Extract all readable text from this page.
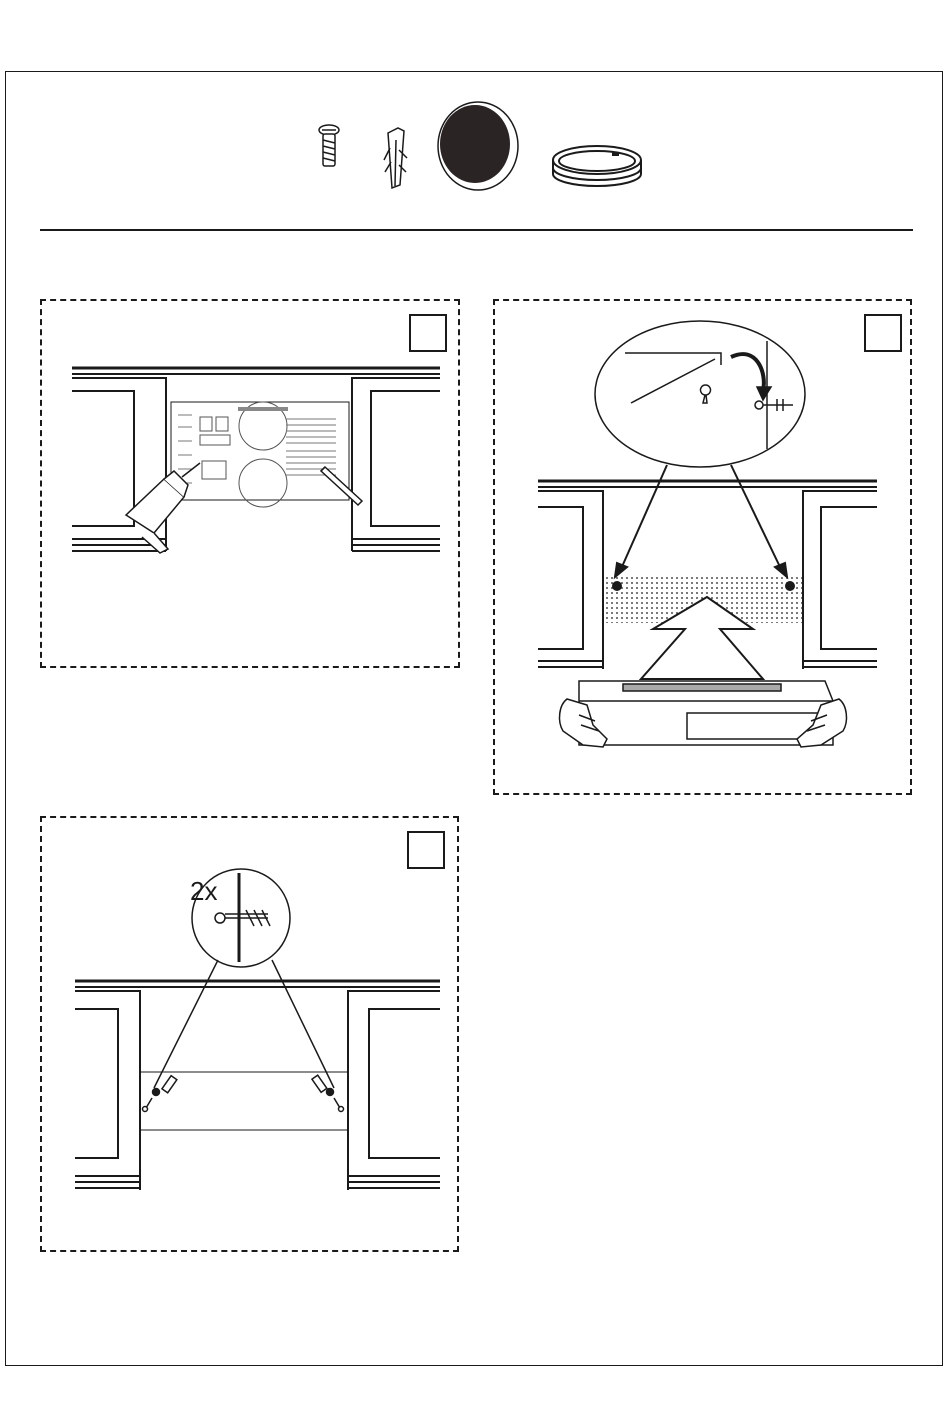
2x
